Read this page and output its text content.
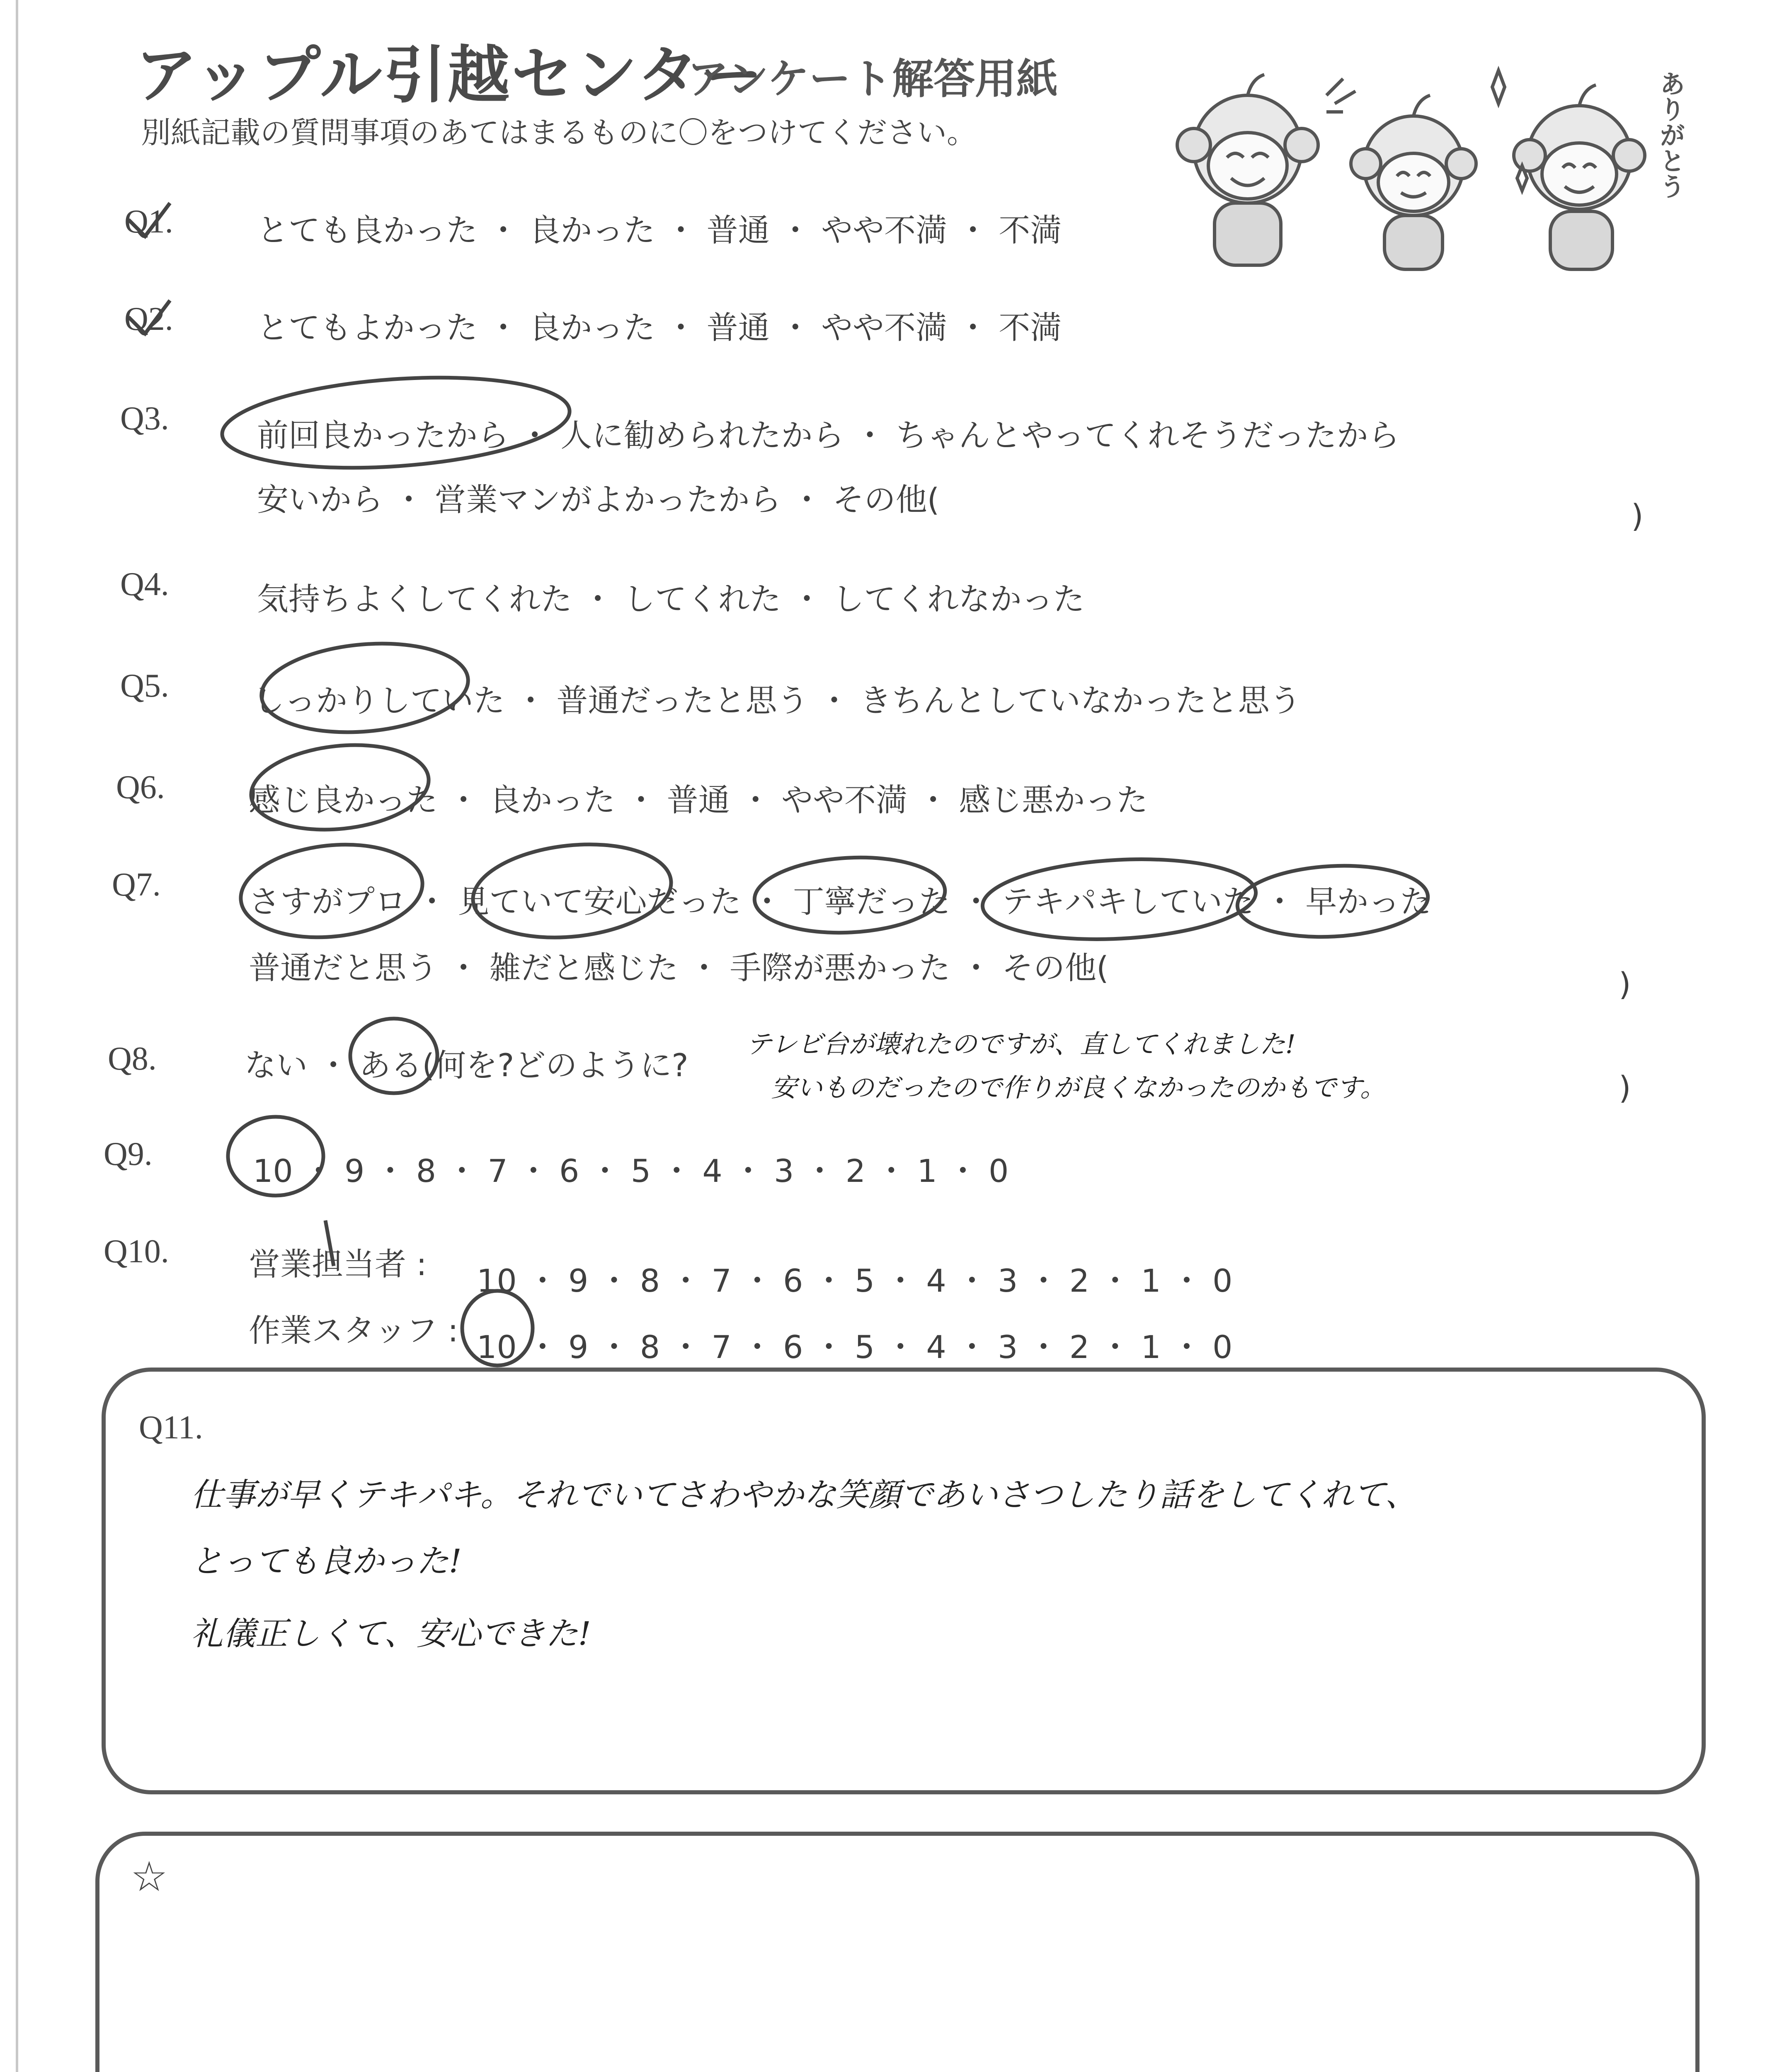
アップル引越センター
アンケート解答用紙
別紙記載の質問事項のあてはまるものに〇をつけてください。	ありがとう
Q1.	とても良かった ・ 良かった ・ 普通 ・ やや不満 ・ 不満
Q2.	とてもよかった ・ 良かった ・ 普通 ・ やや不満 ・ 不満
Q3.	前回良かったから ・ 人に勧められたから ・ ちゃんとやってくれそうだったから
安いから ・ 営業マンがよかったから ・ その他(	)
Q4.	気持ちよくしてくれた ・ してくれた ・ してくれなかった
Q5.	しっかりしていた ・ 普通だったと思う ・ きちんとしていなかったと思う
Q6.	感じ良かった ・ 良かった ・ 普通 ・ やや不満 ・ 感じ悪かった
Q7.	さすがプロ ・ 見ていて安心だった ・ 丁寧だった ・ テキパキしていた ・ 早かった
普通だと思う ・ 雑だと感じた ・ 手際が悪かった ・ その他(	)
Q8.	ない ・ ある(何を?どのように?
テレビ台が壊れたのですが、直してくれました!
安いものだったので作りが良くなかったのかもです。	)
Q9.	10 ・ 9 ・ 8 ・ 7 ・ 6 ・ 5 ・ 4 ・ 3 ・ 2 ・ 1 ・ 0
Q10.	営業担当者 : 10 ・ 9 ・ 8 ・ 7 ・ 6 ・ 5 ・ 4 ・ 3 ・ 2 ・ 1 ・ 0
作業スタッフ : 10 ・ 9 ・ 8 ・ 7 ・ 6 ・ 5 ・ 4 ・ 3 ・ 2 ・ 1 ・ 0
Q11.
仕事が早くテキパキ。それでいてさわやかな笑顔であいさつしたり話をしてくれて、
とっても良かった!
礼儀正しくて、安心できた!
☆
